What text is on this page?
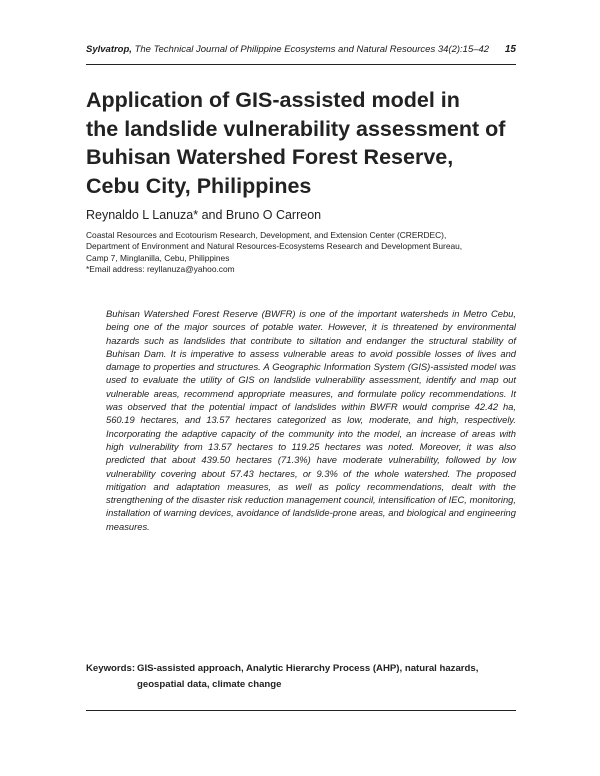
Sylvatrop, The Technical Journal of Philippine Ecosystems and Natural Resources 34(2):15–42 15
Application of GIS-assisted model in
the landslide vulnerability assessment of
Buhisan Watershed Forest Reserve,
Cebu City, Philippines
Reynaldo L Lanuza* and Bruno O Carreon
Coastal Resources and Ecotourism Research, Development, and Extension Center (CRERDEC),
Department of Environment and Natural Resources-Ecosystems Research and Development Bureau,
Camp 7, Minglanilla, Cebu, Philippines
*Email address: reyllanuza@yahoo.com

Buhisan Watershed Forest Reserve (BWFR) is one of the important watersheds in Metro Cebu, being one of the major sources of potable water. However, it is threatened by environmental hazards such as landslides that contribute to siltation and endanger the structural stability of Buhisan Dam. It is imperative to assess vulnerable areas to avoid possible losses of lives and damage to properties and structures. A Geographic Information System (GIS)-assisted model was used to evaluate the utility of GIS on landslide vulnerability assessment, identify and map out vulnerable areas, recommend appropriate measures, and formulate policy recommendations. It was observed that the potential impact of landslides within BWFR would comprise 42.42 ha, 560.19 hectares, and 13.57 hectares categorized as low, moderate, and high, respectively. Incorporating the adaptive capacity of the community into the model, an increase of areas with high vulnerability from 13.57 hectares to 119.25 hectares was noted. Moreover, it was also predicted that about 439.50 hectares (71.3%) have moderate vulnerability, followed by low vulnerability covering about 57.43 hectares, or 9.3% of the whole watershed. The proposed mitigation and adaptation measures, as well as policy recommendations, dealt with the strengthening of the disaster risk reduction management council, intensification of IEC, monitoring, installation of warning devices, avoidance of landslide-prone areas, and biological and engineering measures.

Keywords: GIS-assisted approach, Analytic Hierarchy Process (AHP), natural hazards,
geospatial data, climate change
